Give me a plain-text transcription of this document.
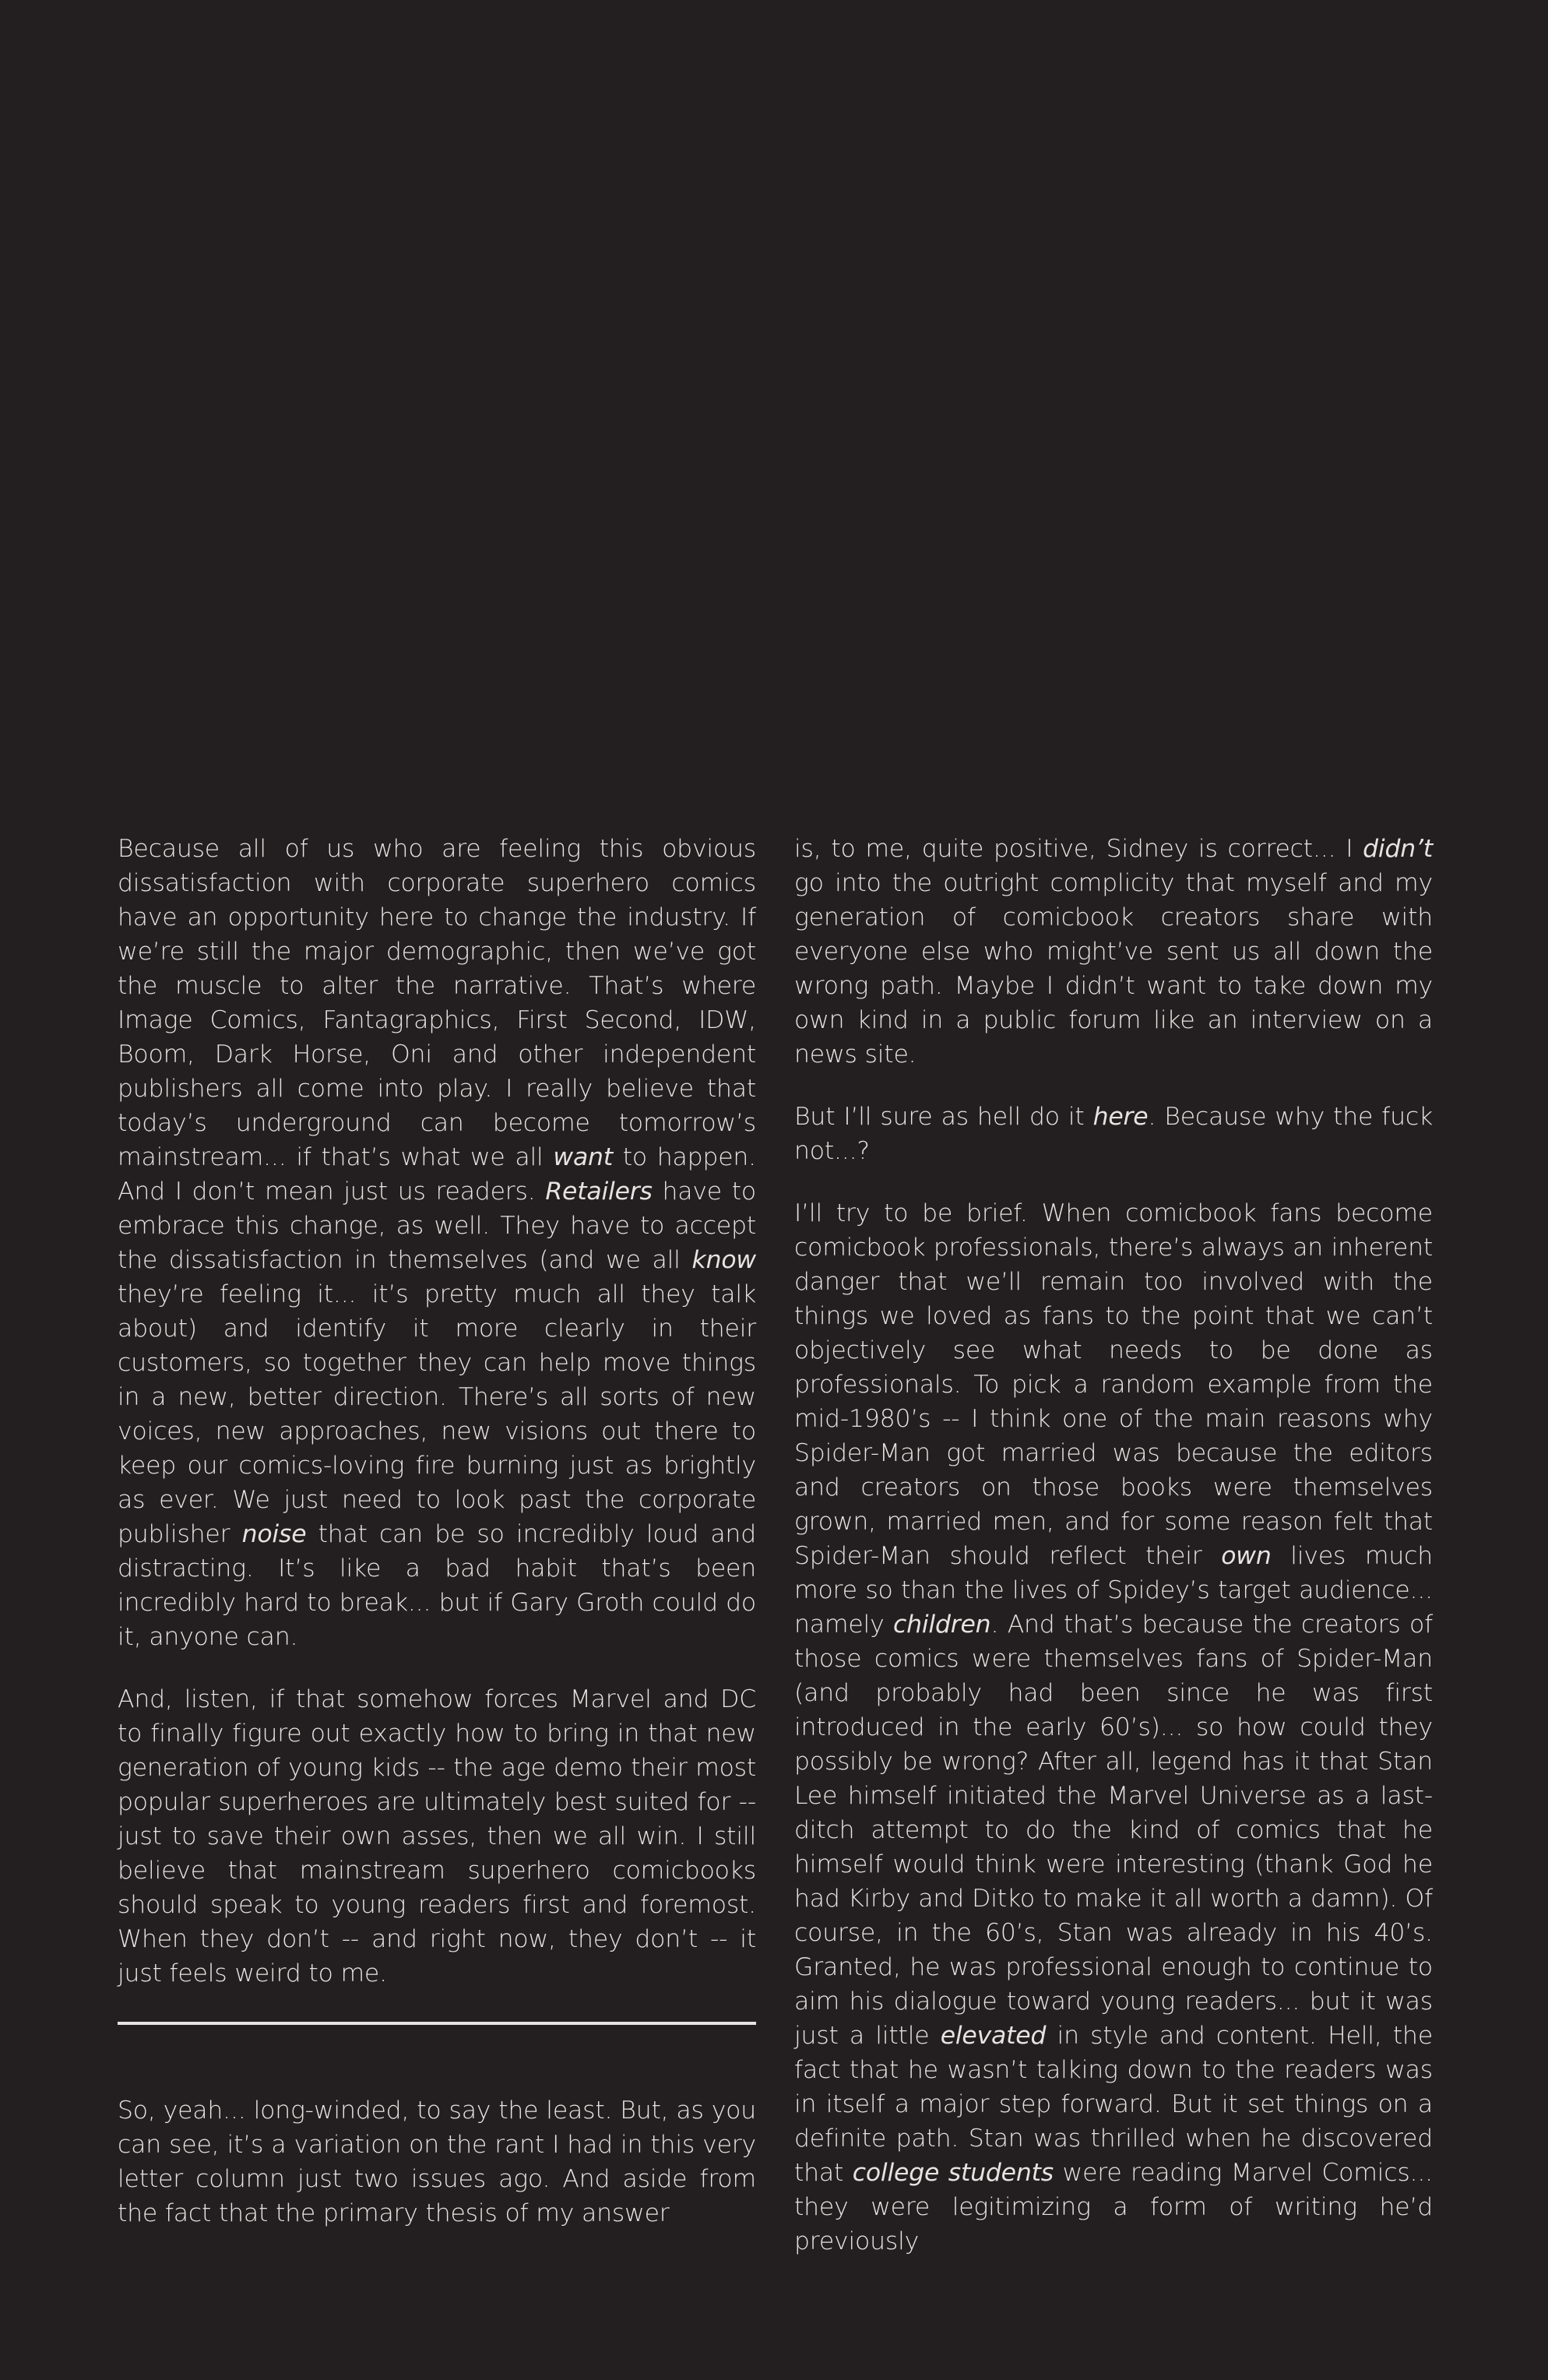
Because all of us who are feeling this obvious dissatisfaction with corporate superhero comics have an opportunity here to change the industry. If we’re still the major demographic, then we’ve got the muscle to alter the narrative. That’s where Image Comics, Fantagraphics, First Second, IDW, Boom, Dark Horse, Oni and other independent publishers all come into play. I really believe that today’s underground can become tomorrow’s mainstream... if that’s what we all want to happen. And I don’t mean just us readers. Retailers have to embrace this change, as well. They have to accept the dissatisfaction in themselves (and we all know they’re feeling it... it’s pretty much all they talk about) and identify it more clearly in their customers, so together they can help move things in a new, better direction. There’s all sorts of new voices, new approaches, new visions out there to keep our comics-loving fire burning just as brightly as ever. We just need to look past the corporate publisher noise that can be so incredibly loud and distracting. It’s like a bad habit that’s been incredibly hard to break... but if Gary Groth could do it, anyone can.

And, listen, if that somehow forces Marvel and DC to finally figure out exactly how to bring in that new generation of young kids -- the age demo their most popular superheroes are ultimately best suited for -- just to save their own asses, then we all win. I still believe that mainstream superhero comicbooks should speak to young readers first and foremost. When they don’t -- and right now, they don’t -- it just feels weird to me.

So, yeah... long-winded, to say the least. But, as you can see, it’s a variation on the rant I had in this very letter column just two issues ago. And aside from the fact that the primary thesis of my answer

is, to me, quite positive, Sidney is correct... I didn’t go into the outright complicity that myself and my generation of comicbook creators share with everyone else who might’ve sent us all down the wrong path. Maybe I didn’t want to take down my own kind in a public forum like an interview on a news site.

But I’ll sure as hell do it here. Because why the fuck not...?

I’ll try to be brief. When comicbook fans become comicbook professionals, there’s always an inherent danger that we’ll remain too involved with the things we loved as fans to the point that we can’t objectively see what needs to be done as professionals. To pick a random example from the mid-1980’s -- I think one of the main reasons why Spider-Man got married was because the editors and creators on those books were themselves grown, married men, and for some reason felt that Spider-Man should reflect their own lives much more so than the lives of Spidey’s target audience... namely children. And that’s because the creators of those comics were themselves fans of Spider-Man (and probably had been since he was first introduced in the early 60’s)... so how could they possibly be wrong? After all, legend has it that Stan Lee himself initiated the Marvel Universe as a last-ditch attempt to do the kind of comics that he himself would think were interesting (thank God he had Kirby and Ditko to make it all worth a damn). Of course, in the 60’s, Stan was already in his 40’s. Granted, he was professional enough to continue to aim his dialogue toward young readers... but it was just a little elevated in style and content. Hell, the fact that he wasn’t talking down to the readers was in itself a major step forward. But it set things on a definite path. Stan was thrilled when he discovered that college students were reading Marvel Comics... they were legitimizing a form of writing he’d previously
